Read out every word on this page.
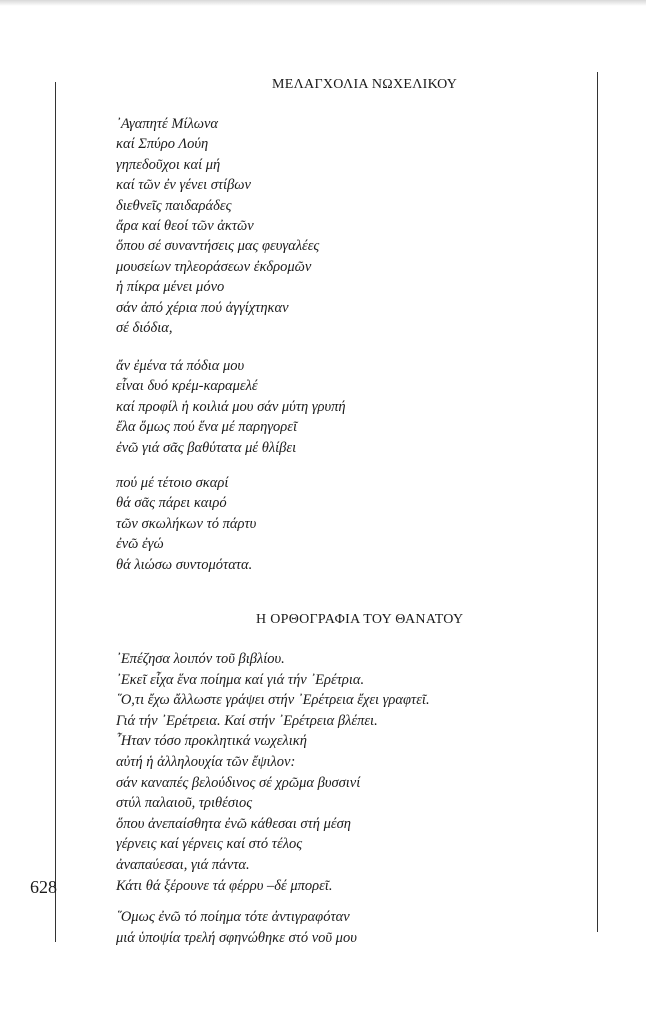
628
ΜΕΛΑΓΧΟΛΙΑ ΝΩΧΕΛΙΚΟΥ
᾿Αγαπητέ Μίλωνα
καί Σπύρο Λούη
γηπεδοῦχοι καί μή
καί τῶν ἐν γένει στίβων
διεθνεῖς παιδαράδες
ἄρα καί θεοί τῶν ἀκτῶν
ὅπου σέ συναντήσεις μας φευγαλέες
μουσείων τηλεοράσεων ἐκδρομῶν
ἡ πίκρα μένει μόνο
σάν ἀπό χέρια πού ἀγγίχτηκαν
σέ διόδια,
ἄν ἐμένα τά πόδια μου
εἶναι δυό κρέμ-καραμελέ
καί προφίλ ἡ κοιλιά μου σάν μύτη γρυπή
ἔλα ὅμως πού ἕνα μέ παρηγορεῖ
ἐνῶ γιά σᾶς βαθύτατα μέ θλίβει
πού μέ τέτοιο σκαρί
θά σᾶς πάρει καιρό
τῶν σκωλήκων τό πάρτυ
ἐνῶ ἐγώ
θά λιώσω συντομότατα.
Η ΟΡΘΟΓΡΑΦΙΑ ΤΟΥ ΘΑΝΑΤΟΥ
᾿Επέζησα λοιπόν τοῦ βιβλίου.
᾿Εκεῖ εἶχα ἕνα ποίημα καί γιά τήν ᾿Ερέτρια.
῞Ο,τι ἔχω ἄλλωστε γράψει στήν ᾿Ερέτρεια ἔχει γραφτεῖ.
Γιά τήν ᾿Ερέτρεια. Καί στήν ᾿Ερέτρεια βλέπει.
῏Ηταν τόσο προκλητικά νωχελική
αὐτή ἡ ἀλληλουχία τῶν ἔψιλον:
σάν καναπές βελούδινος σέ χρῶμα βυσσινί
στύλ παλαιοῦ, τριθέσιος
ὅπου ἀνεπαίσθητα ἐνῶ κάθεσαι στή μέση
γέρνεις καί γέρνεις καί στό τέλος
ἀναπαύεσαι, γιά πάντα.
Κάτι θά ξέρουνε τά φέρρυ –δέ μπορεῖ.
῞Ομως ἐνῶ τό ποίημα τότε ἀντιγραφόταν
μιά ὑποψία τρελή σφηνώθηκε στό νοῦ μου
